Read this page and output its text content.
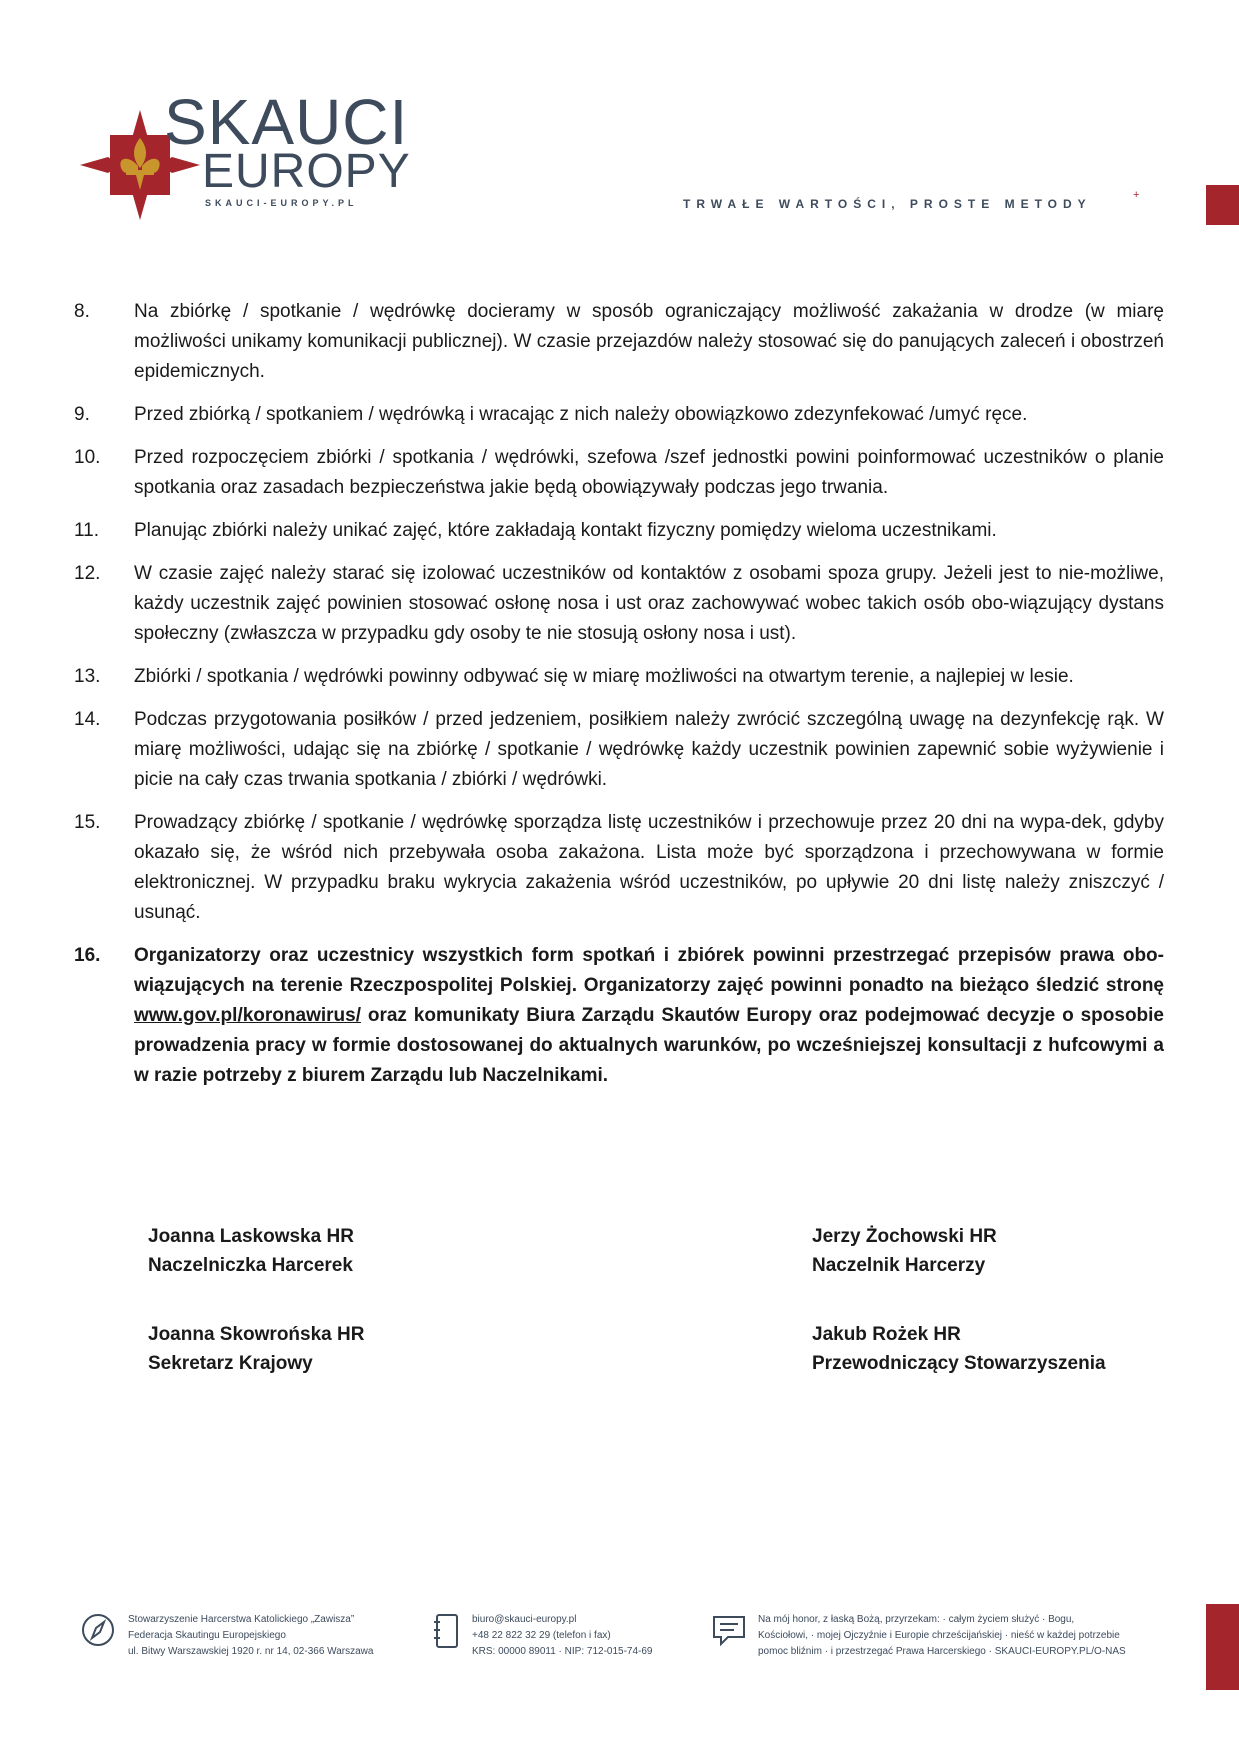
SKAUCI
EUROPY
SKAUCI-EUROPY.PL	TRWAŁE WARTOŚCI, PROSTE METODY
+
8.	Na zbiórkę / spotkanie / wędrówkę docieramy w sposób ograniczający możliwość zakażania w drodze (w miarę możliwości unikamy komunikacji publicznej). W czasie przejazdów należy stosować się do panujących zaleceń i obostrzeń epidemicznych.
9.	Przed zbiórką / spotkaniem / wędrówką i wracając z nich należy obowiązkowo zdezynfekować /umyć ręce.
10.	Przed rozpoczęciem zbiórki / spotkania / wędrówki, szefowa /szef jednostki powini poinformować uczestników o planie spotkania oraz zasadach bezpieczeństwa jakie będą obowiązywały podczas jego trwania.
11.	Planując zbiórki należy unikać zajęć, które zakładają kontakt fizyczny pomiędzy wieloma uczestnikami.
12.	W czasie zajęć należy starać się izolować uczestników od kontaktów z osobami spoza grupy. Jeżeli jest to nie-możliwe, każdy uczestnik zajęć powinien stosować osłonę nosa i ust oraz zachowywać wobec takich osób obo-wiązujący dystans społeczny (zwłaszcza w przypadku gdy osoby te nie stosują osłony nosa i ust).
13.	Zbiórki / spotkania / wędrówki powinny odbywać się w miarę możliwości na otwartym terenie, a najlepiej w lesie.
14.	Podczas przygotowania posiłków / przed jedzeniem, posiłkiem należy zwrócić szczególną uwagę na dezynfekcję rąk. W miarę możliwości, udając się na zbiórkę / spotkanie / wędrówkę każdy uczestnik powinien zapewnić sobie wyżywienie i picie na cały czas trwania spotkania / zbiórki / wędrówki.
15.	Prowadzący zbiórkę / spotkanie / wędrówkę sporządza listę uczestników i przechowuje przez 20 dni na wypa-dek, gdyby okazało się, że wśród nich przebywała osoba zakażona. Lista może być sporządzona i przechowywana w formie elektronicznej. W przypadku braku wykrycia zakażenia wśród uczestników, po upływie 20 dni listę należy zniszczyć / usunąć.
16.	Organizatorzy oraz uczestnicy wszystkich form spotkań i zbiórek powinni przestrzegać przepisów prawa obo-wiązujących na terenie Rzeczpospolitej Polskiej. Organizatorzy zajęć powinni ponadto na bieżąco śledzić stronę www.gov.pl/koronawirus/ oraz komunikaty Biura Zarządu Skautów Europy oraz podejmować decyzje o sposobie prowadzenia pracy w formie dostosowanej do aktualnych warunków, po wcześniejszej konsultacji z hufcowymi a w razie potrzeby z biurem Zarządu lub Naczelnikami.
Joanna Laskowska HR
Naczelniczka Harcerek
Jerzy Żochowski HR
Naczelnik Harcerzy
Joanna Skowrońska HR
Sekretarz Krajowy
Jakub Rożek HR
Przewodniczący Stowarzyszenia
Stowarzyszenie Harcerstwa Katolickiego „Zawisza”
Federacja Skautingu Europejskiego
ul. Bitwy Warszawskiej 1920 r. nr 14, 02-366 Warszawa
biuro@skauci-europy.pl
+48 22 822 32 29 (telefon i fax)
KRS: 00000 89011 · NIP: 712-015-74-69
Na mój honor, z łaską Bożą, przyrzekam: · całym życiem służyć · Bogu,
Kościołowi, · mojej Ojczyźnie i Europie chrześcijańskiej · nieść w każdej potrzebie
pomoc bliźnim · i przestrzegać Prawa Harcerskiego · SKAUCI-EUROPY.PL/O-NAS
